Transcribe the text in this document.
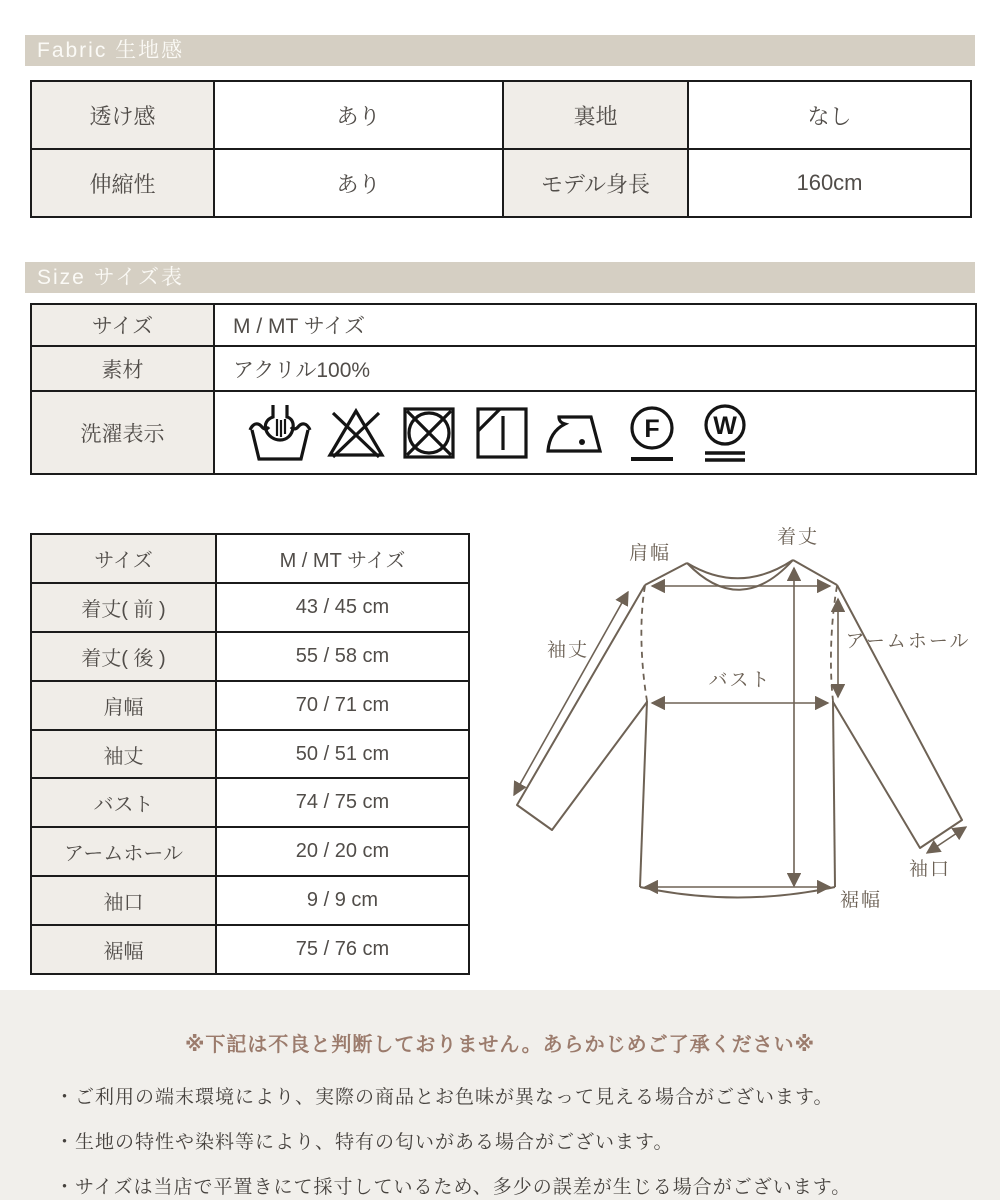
Fabric 生地感
透け感	あり	裏地	なし
伸縮性	あり	モデル身長	160cm
Size サイズ表
サイズ	M / MT サイズ
素材	アクリル100%
洗濯表示	F W
サイズ	M / MT サイズ
着丈( 前 )	43 / 45 cm
着丈( 後 )	55 / 58 cm
肩幅	70 / 71 cm
袖丈	50 / 51 cm
バスト	74 / 75 cm
アームホール	20 / 20 cm
袖口	9 / 9 cm
裾幅	75 / 76 cm
肩幅
着丈
袖丈	アームホール
バスト
袖口
裾幅
※下記は不良と判断しておりません。あらかじめご了承ください※
・ご利用の端末環境により、実際の商品とお色味が異なって見える場合がございます。
・生地の特性や染料等により、特有の匂いがある場合がございます。
・サイズは当店で平置きにて採寸しているため、多少の誤差が生じる場合がございます。
